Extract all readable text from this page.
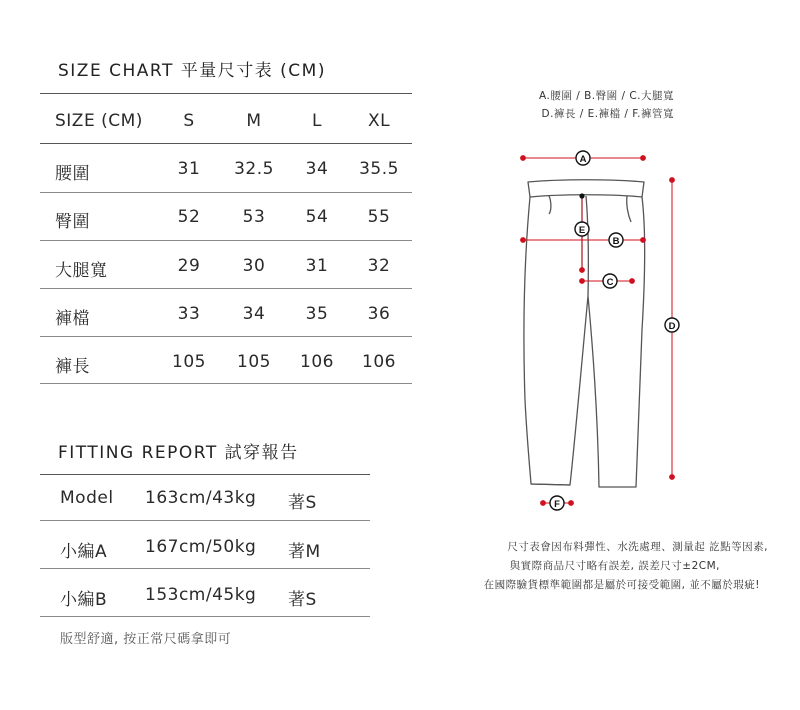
SIZE CHART 平量尺寸表 (CM)
SIZE (CM)	S	M	L	XL
腰圍	31	32.5	34	35.5
臀圍	52	53	54	55
大腿寬	29	30	31	32
褲檔	33	34	35	36
褲長	105	105	106	106
FITTING REPORT 試穿報告
Model 163cm/43kg 著S
小編A 167cm/50kg 著M
小編B 153cm/45kg 著S
版型舒適, 按正常尺碼拿即可
A.腰圍 / B.臀圍 / C.大腿寬
D.褲長 / E.褲檔 / F.褲管寬
A
B
C
D
E
F
尺寸表會因布料彈性、水洗處理、測量起 訖點等因素,
與實際商品尺寸略有誤差, 誤差尺寸±2CM,
在國際驗貨標準範圍都是屬於可接受範圍, 並不屬於瑕疵!
